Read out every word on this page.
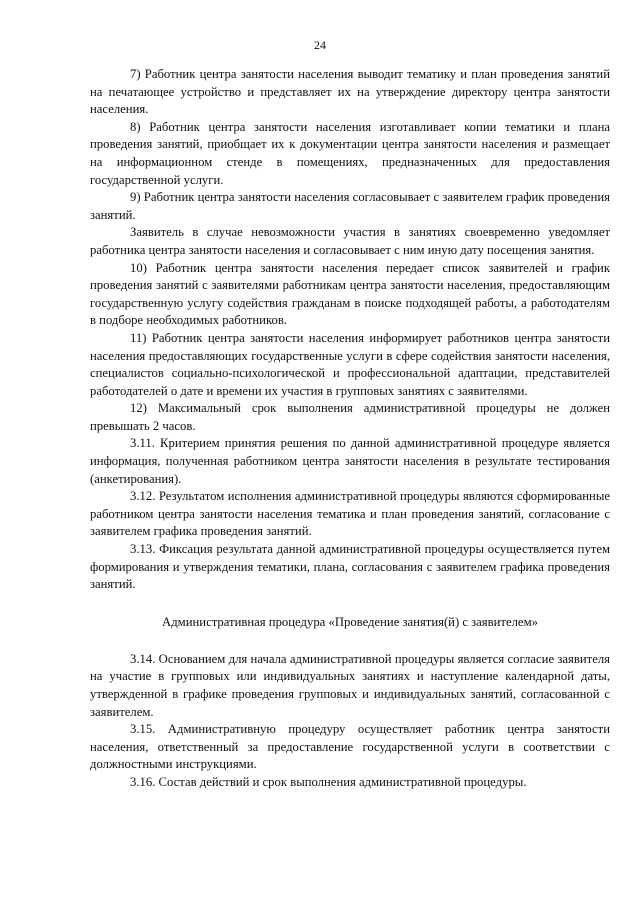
24

7) Работник центра занятости населения выводит тематику и план проведения занятий на печатающее устройство и представляет их на утверждение директору центра занятости населения.

8) Работник центра занятости населения изготавливает копии тематики и плана проведения занятий, приобщает их к документации центра занятости населения и размещает на информационном стенде в помещениях, предназначенных для предоставления государственной услуги.

9) Работник центра занятости населения согласовывает с заявителем график проведения занятий.

Заявитель в случае невозможности участия в занятиях своевременно уведомляет работника центра занятости населения и согласовывает с ним иную дату посещения занятия.

10) Работник центра занятости населения передает список заявителей и график проведения занятий с заявителями работникам центра занятости населения, предоставляющим государственную услугу содействия гражданам в поиске подходящей работы, а работодателям в подборе необходимых работников.

11) Работник центра занятости населения информирует работников центра занятости населения предоставляющих государственные услуги в сфере содействия занятости населения, специалистов социально-психологической и профессиональной адаптации, представителей работодателей о дате и времени их участия в групповых занятиях с заявителями.

12) Максимальный срок выполнения административной процедуры не должен превышать 2 часов.

3.11. Критерием принятия решения по данной административной процедуре является информация, полученная работником центра занятости населения в результате тестирования (анкетирования).

3.12. Результатом исполнения административной процедуры являются сформированные работником центра занятости населения тематика и план проведения занятий, согласование с заявителем графика проведения занятий.

3.13. Фиксация результата данной административной процедуры осуществляется путем формирования и утверждения тематики, плана, согласования с заявителем графика проведения занятий.

Административная процедура «Проведение занятия(й) с заявителем»

3.14. Основанием для начала административной процедуры является согласие заявителя на участие в групповых или индивидуальных занятиях и наступление календарной даты, утвержденной в графике проведения групповых и индивидуальных занятий, согласованной с заявителем.

3.15. Административную процедуру осуществляет работник центра занятости населения, ответственный за предоставление государственной услуги в соответствии с должностными инструкциями.

3.16. Состав действий и срок выполнения административной процедуры.
